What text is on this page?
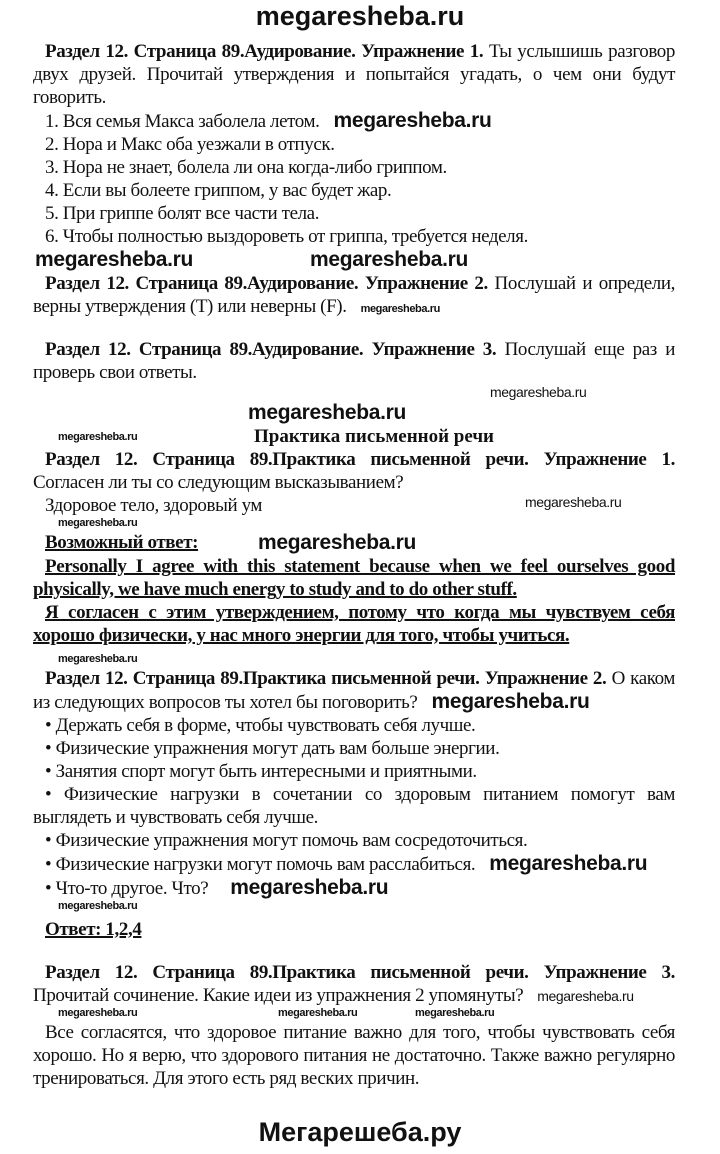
megaresheba.ru
Раздел 12. Страница 89.Аудирование. Упражнение 1. Ты услышишь разговор двух друзей. Прочитай утверждения и попытайся угадать, о чем они будут говорить.
1. Вся семья Макса заболела летом. megaresheba.ru
2. Нора и Макс оба уезжали в отпуск.
3. Нора не знает, болела ли она когда-либо гриппом.
4. Если вы болеете гриппом, у вас будет жар.
5. При гриппе болят все части тела.
6. Чтобы полностью выздороветь от гриппа, требуется неделя.
megaresheba.ru	megaresheba.ru
Раздел 12. Страница 89.Аудирование. Упражнение 2. Послушай и определи, верны утверждения (T) или неверны (F). megaresheba.ru
Раздел 12. Страница 89.Аудирование. Упражнение 3. Послушай еще раз и проверь свои ответы.
megaresheba.ru
megaresheba.ru
megaresheba.ru	Практика письменной речи
Раздел 12. Страница 89.Практика письменной речи. Упражнение 1. Согласен ли ты со следующим высказыванием?
Здоровое тело, здоровый ум	megaresheba.ru
megaresheba.ru
Возможный ответ:	megaresheba.ru
Personally I agree with this statement because when we feel ourselves good physically, we have much energy to study and to do other stuff.
Я согласен с этим утверждением, потому что когда мы чувствуем себя хорошо физически, у нас много энергии для того, чтобы учиться.
megaresheba.ru
Раздел 12. Страница 89.Практика письменной речи. Упражнение 2. О каком из следующих вопросов ты хотел бы поговорить? megaresheba.ru
• Держать себя в форме, чтобы чувствовать себя лучше.
• Физические упражнения могут дать вам больше энергии.
• Занятия спорт могут быть интересными и приятными.
• Физические нагрузки в сочетании со здоровым питанием помогут вам выглядеть и чувствовать себя лучше.
• Физические упражнения могут помочь вам сосредоточиться.
• Физические нагрузки могут помочь вам расслабиться. megaresheba.ru
• Что-то другое. Что? megaresheba.ru
megaresheba.ru
Ответ: 1,2,4
Раздел 12. Страница 89.Практика письменной речи. Упражнение 3. Прочитай сочинение. Какие идеи из упражнения 2 упомянуты? megaresheba.ru
megaresheba.ru	megaresheba.ru	megaresheba.ru
Все согласятся, что здоровое питание важно для того, чтобы чувствовать себя хорошо. Но я верю, что здорового питания не достаточно. Также важно регулярно тренироваться. Для этого есть ряд веских причин.
Мегарешеба.ру
